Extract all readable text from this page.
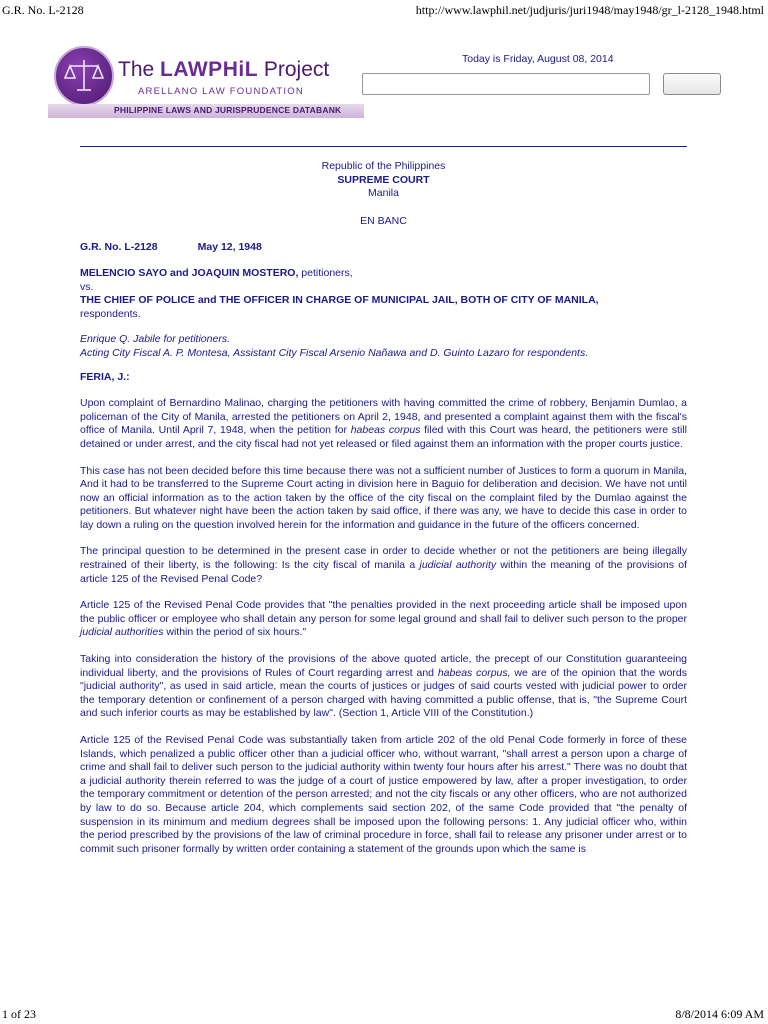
G.R. No. L-2128	http://www.lawphil.net/judjuris/juri1948/may1948/gr_l-2128_1948.html
The LAWPHiL Project
ARELLANO LAW FOUNDATION
PHILIPPINE LAWS AND JURISPRUDENCE DATABANK
Today is Friday, August 08, 2014
Republic of the Philippines
SUPREME COURT
Manila
EN BANC
G.R. No. L-2128	May 12, 1948
MELENCIO SAYO and JOAQUIN MOSTERO, petitioners,
vs.
THE CHIEF OF POLICE and THE OFFICER IN CHARGE OF MUNICIPAL JAIL, BOTH OF CITY OF MANILA,
respondents.
Enrique Q. Jabile for petitioners.
Acting City Fiscal A. P. Montesa, Assistant City Fiscal Arsenio Nañawa and D. Guinto Lazaro for respondents.
FERIA, J.:

Upon complaint of Bernardino Malinao, charging the petitioners with having committed the crime of robbery, Benjamin Dumlao, a policeman of the City of Manila, arrested the petitioners on April 2, 1948, and presented a complaint against them with the fiscal's office of Manila. Until April 7, 1948, when the petition for habeas corpus filed with this Court was heard, the petitioners were still detained or under arrest, and the city fiscal had not yet released or filed against them an information with the proper courts justice.

This case has not been decided before this time because there was not a sufficient number of Justices to form a quorum in Manila, And it had to be transferred to the Supreme Court acting in division here in Baguio for deliberation and decision. We have not until now an official information as to the action taken by the office of the city fiscal on the complaint filed by the Dumlao against the petitioners. But whatever night have been the action taken by said office, if there was any, we have to decide this case in order to lay down a ruling on the question involved herein for the information and guidance in the future of the officers concerned.

The principal question to be determined in the present case in order to decide whether or not the petitioners are being illegally restrained of their liberty, is the following: Is the city fiscal of manila a judicial authority within the meaning of the provisions of article 125 of the Revised Penal Code?

Article 125 of the Revised Penal Code provides that "the penalties provided in the next proceeding article shall be imposed upon the public officer or employee who shall detain any person for some legal ground and shall fail to deliver such person to the proper judicial authorities within the period of six hours."

Taking into consideration the history of the provisions of the above quoted article, the precept of our Constitution guaranteeing individual liberty, and the provisions of Rules of Court regarding arrest and habeas corpus, we are of the opinion that the words "judicial authority", as used in said article, mean the courts of justices or judges of said courts vested with judicial power to order the temporary detention or confinement of a person charged with having committed a public offense, that is, "the Supreme Court and such inferior courts as may be established by law". (Section 1, Article VIII of the Constitution.)

Article 125 of the Revised Penal Code was substantially taken from article 202 of the old Penal Code formerly in force of these Islands, which penalized a public officer other than a judicial officer who, without warrant, "shall arrest a person upon a charge of crime and shall fail to deliver such person to the judicial authority within twenty four hours after his arrest." There was no doubt that a judicial authority therein referred to was the judge of a court of justice empowered by law, after a proper investigation, to order the temporary commitment or detention of the person arrested; and not the city fiscals or any other officers, who are not authorized by law to do so. Because article 204, which complements said section 202, of the same Code provided that "the penalty of suspension in its minimum and medium degrees shall be imposed upon the following persons: 1. Any judicial officer who, within the period prescribed by the provisions of the law of criminal procedure in force, shall fail to release any prisoner under arrest or to commit such prisoner formally by written order containing a statement of the grounds upon which the same is

1 of 23	8/8/2014 6:09 AM
